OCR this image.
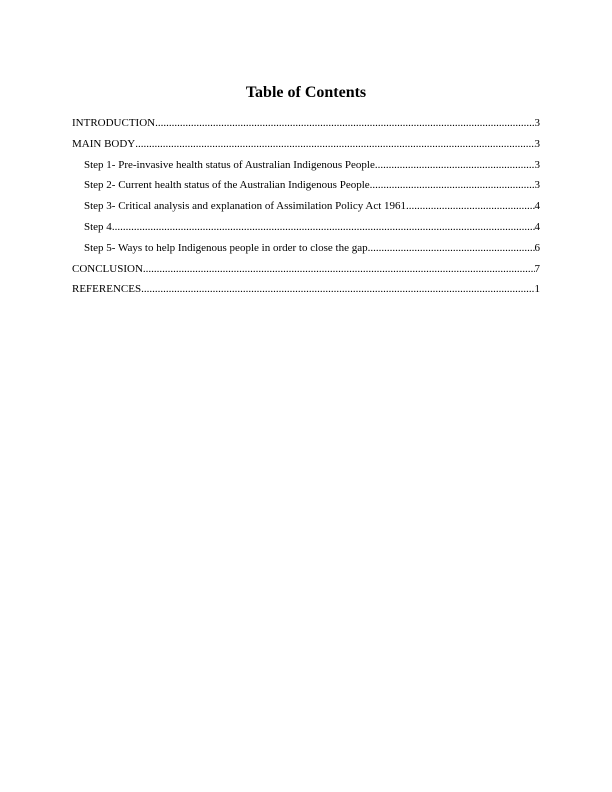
Table of Contents
INTRODUCTION .....	3
MAIN BODY .....	3
Step 1- Pre-invasive health status of Australian Indigenous People .....	3
Step 2- Current health status of the Australian Indigenous People .....	3
Step 3- Critical analysis and explanation of Assimilation Policy Act 1961 .....	4
Step 4 .....	4
Step 5- Ways to help Indigenous people in order to close the gap .....	6
CONCLUSION .....	7
REFERENCES .....	1
